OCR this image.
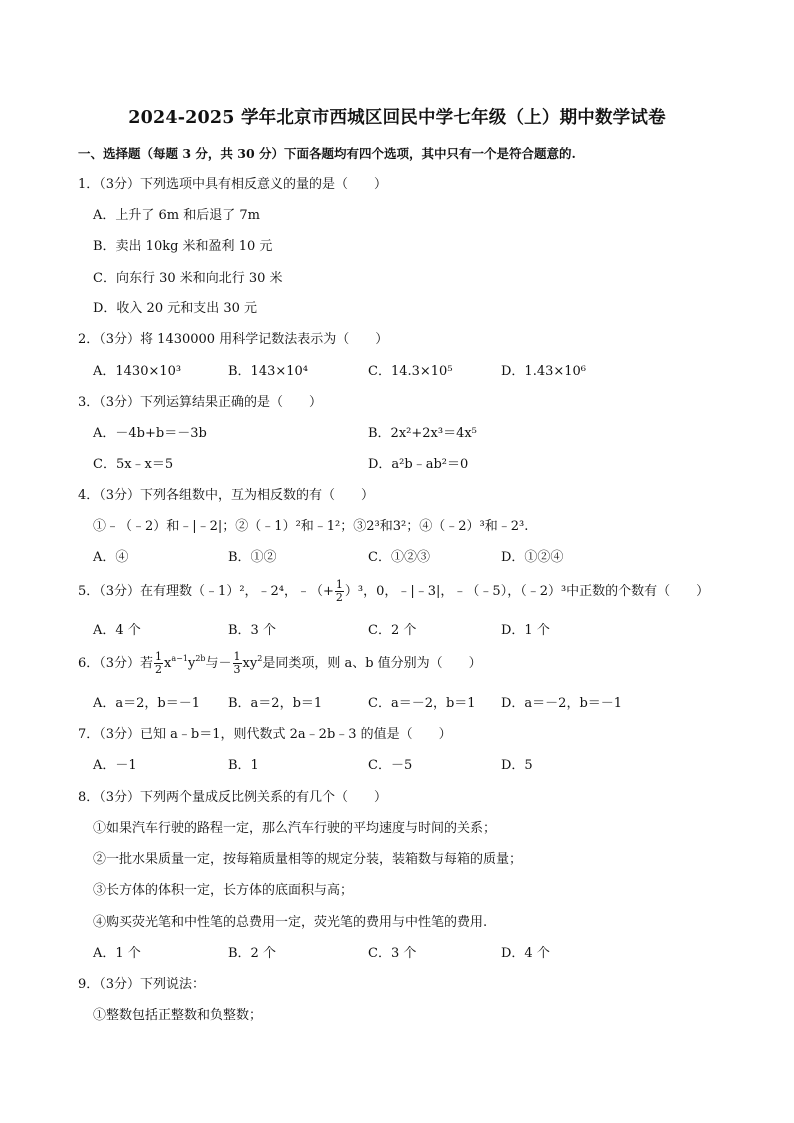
2024-2025 学年北京市西城区回民中学七年级（上）期中数学试卷
一、选择题（每题 3 分，共 30 分）下面各题均有四个选项，其中只有一个是符合题意的.
1．（3分）下列选项中具有相反意义的量的是（　　）
A．上升了 6m 和后退了 7m
B．卖出 10kg 米和盈利 10 元
C．向东行 30 米和向北行 30 米
D．收入 20 元和支出 30 元
2．（3分）将 1430000 用科学记数法表示为（　　）
A．1430×10³	B．143×10⁴	C．14.3×10⁵	D．1.43×10⁶
3．（3分）下列运算结果正确的是（　　）
A．－4b+b＝－3b	B．2x²+2x³＝4x⁵
C．5x﹣x＝5	D．a²b﹣ab²＝0
4．（3分）下列各组数中，互为相反数的有（　　）
①﹣（﹣2）和﹣|﹣2|；②（﹣1）²和﹣1²；③2³和3²；④（﹣2）³和﹣2³.
A．④	B．①②	C．①②③	D．①②④
5．（3分）在有理数（﹣1）²，﹣2⁴，﹣（+ $\frac{1}{2} )^3$，0，﹣|﹣3|，﹣（﹣5），（﹣2）³中正数的个数有（　　）
A．4 个	B．3 个	C．2 个	D．1 个
6．（3分）若 $\frac{1}{2} x^{a-1}y^{2b}$与－ $\frac{1}{3} xy^2$是同类项，则 a、b 值分别为（　　）
A．a＝2，b＝－1 B．a＝2，b＝1	C．a＝－2，b＝1 D．a＝－2，b＝－1
7．（3分）已知 a﹣b＝1，则代数式 2a﹣2b﹣3 的值是（　　）
A．－1	B．1	C．－5	D．5
8．（3分）下列两个量成反比例关系的有几个（　　）
①如果汽车行驶的路程一定，那么汽车行驶的平均速度与时间的关系；
②一批水果质量一定，按每箱质量相等的规定分装，装箱数与每箱的质量；
③长方体的体积一定，长方体的底面积与高；
④购买荧光笔和中性笔的总费用一定，荧光笔的费用与中性笔的费用.
A．1 个	B．2 个	C．3 个	D．4 个
9．（3分）下列说法：
①整数包括正整数和负整数；
